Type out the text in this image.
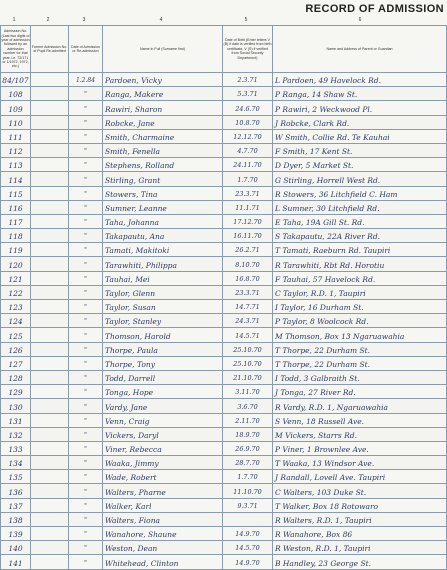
RECORD OF ADMISSION
1	2	3	4	5	6
Admission No. (Last two digits of year of admission followed by an admission number for that year. i.e. 72/171 or 1/1972, 1972, etc.)	Former Admission No. of Pupil Re-admitted	Date of Admission or Re-admission	Name in Full (Surname first)	Date of Birth (Enter letters V (B) if date is verified from birth certificate, V (S) if verified from Social Security Department)	Name and Address of Parent or Guardian
84/107		1.2.84	Pardoen, Vicky	2.3.71	L Pardoen, 49 Havelock Rd.
108		"	Ranga, Makere	5.3.71	P Ranga, 14 Shaw St.
109		"	Rawiri, Sharon	24.6.70	P Rawiri, 2 Weckwood Pl.
110		"	Robcke, Jane	10.8.70	J Robcke, Clark Rd.
111		"	Smith, Charmaine	12.12.70	W Smith, Collie Rd. Te Kauhai
112		"	Smith, Fenella	4.7.70	F Smith, 17 Kent St.
113		"	Stephens, Rolland	24.11.70	D Dyer, 5 Market St.
114		"	Stirling, Grant	1.7.70	G Stirling, Horrell West Rd.
115		"	Stowers, Tina	23.3.71	R Stowers, 36 Litchfield C. Ham
116		"	Sumner, Leanne	11.1.71	L Sumner, 30 Litchfield Rd.
117		"	Taha, Johanna	17.12.70	E Taha, 19A Gill St. Rd.
118		"	Takapautu, Ana	16.11.70	S Takapautu, 22A River Rd.
119		"	Tamati, Makitoki	26.2.71	T Tamati, Raeburn Rd. Taupiri
120		"	Tarawhiti, Philippa	8.10.70	R Tarawhiti, Rbt Rd. Horotiu
121		"	Tauhai, Mei	16.8.70	F Tauhai, 57 Havelock Rd.
122		"	Taylor, Glenn	23.3.71	C Taylor, R.D. 1, Taupiri
123		"	Taylor, Susan	14.7.71	I Taylor, 16 Durham St.
124		"	Taylor, Stanley	24.3.71	P Taylor, 8 Woolcock Rd.
125		"	Thomson, Harold	14.5.71	M Thomson, Box 13 Ngaruawahia
126		"	Thorpe, Paula	25.10.70	T Thorpe, 22 Durham St.
127		"	Thorpe, Tony	25.10.70	T Thorpe, 22 Durham St.
128		"	Todd, Darrell	21.10.70	I Todd, 3 Galbraith St.
129		"	Tonga, Hope	3.11.70	J Tonga, 27 River Rd.
130		"	Vardy, Jane	3.6.70	R Vardy, R.D. 1, Ngaruawahia
131		"	Venn, Craig	2.11.70	S Venn, 18 Russell Ave.
132		"	Vickers, Daryl	18.9.70	M Vickers, Starrs Rd.
133		"	Viner, Rebecca	26.9.70	P Viner, 1 Brownlee Ave.
134		"	Waaka, Jimmy	28.7.70	T Waaka, 13 Windsor Ave.
135		"	Wade, Robert	1.7.70	J Randall, Lovell Ave. Taupiri
136		"	Walters, Pharne	11.10.70	C Walters, 103 Duke St.
137		"	Walker, Karl	9.3.71	T Walker, Box 18 Rotowaro
138		"	Walters, Fiona		R Walters, R.D. 1, Taupiri
139		"	Wanahore, Shaune	14.9.70	R Wanahore, Box 86
140		"	Weston, Dean	14.5.70	R Weston, R.D. 1, Taupiri
141		"	Whitehead, Clinton	14.9.70	B Handley, 23 George St.
